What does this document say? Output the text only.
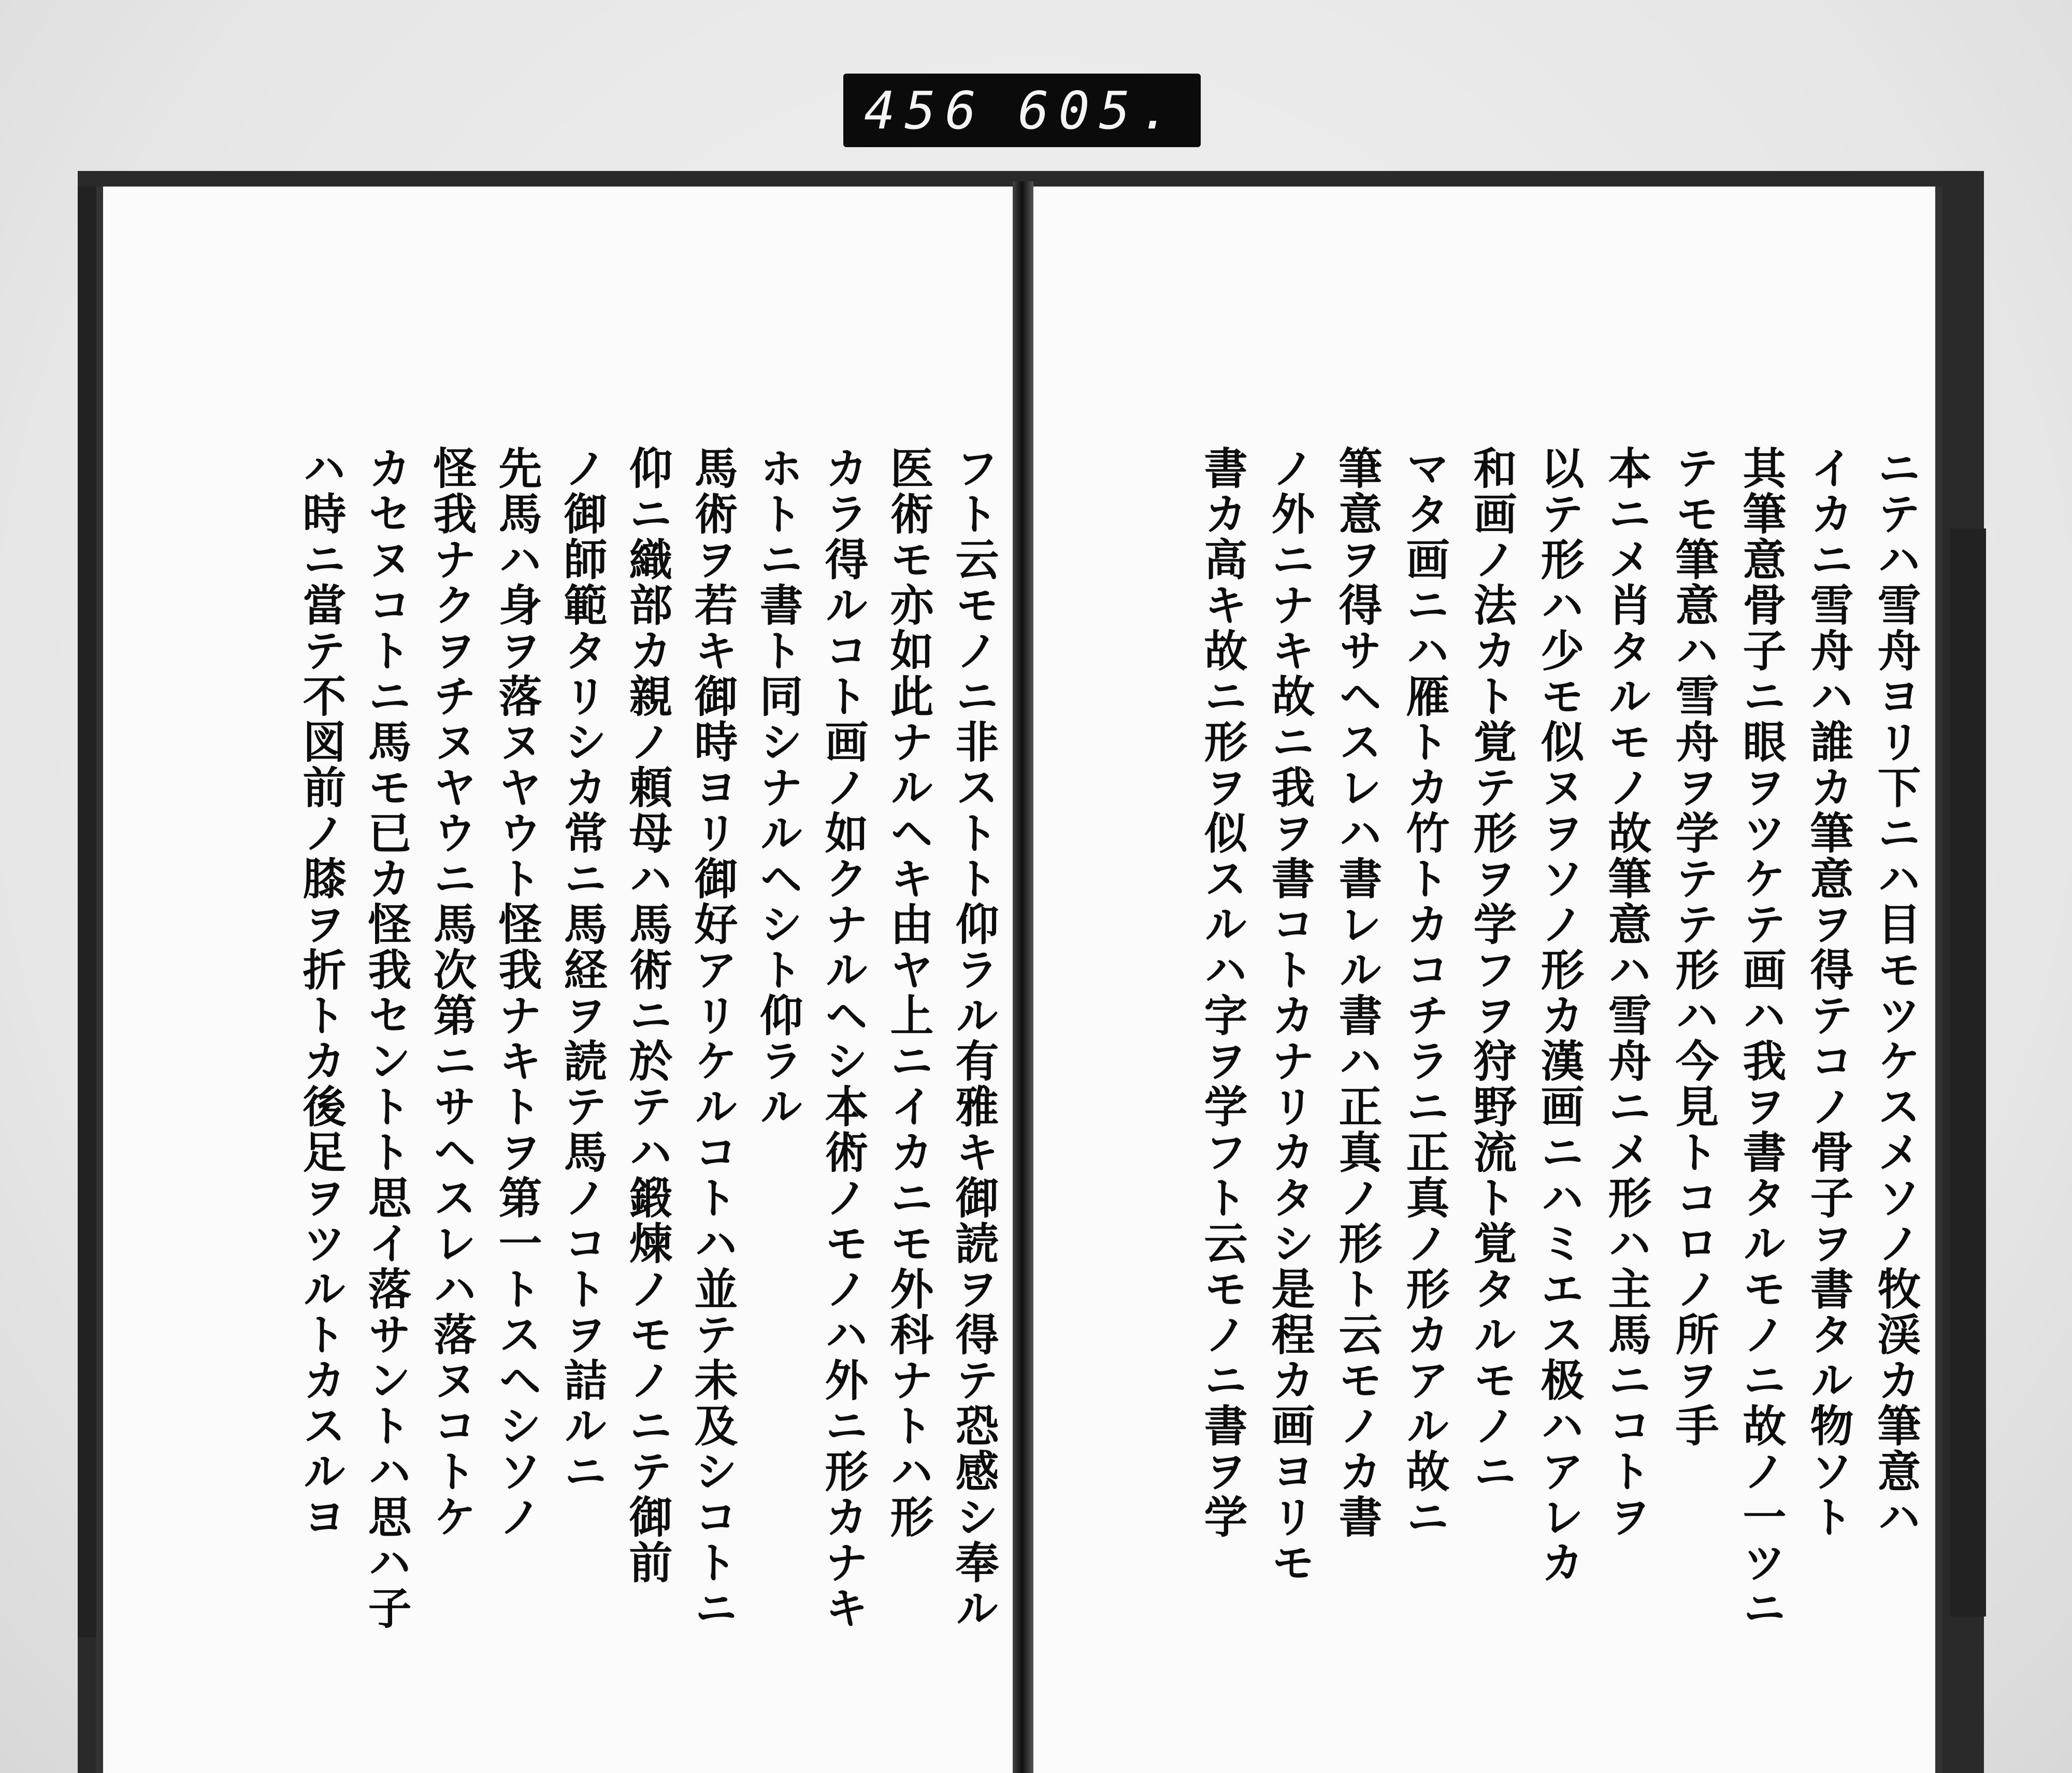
456 605.
ニテハ雪舟ヨリ下ニハ目モツケスメソノ牧渓カ筆意ハ
イカニ雪舟ハ誰カ筆意ヲ得テコノ骨子ヲ書タル物ソト
其筆意骨子ニ眼ヲツケテ画ハ我ヲ書タルモノニ故ノ一ツニ
テモ筆意ハ雪舟ヲ学テテ形ハ今見トコロノ所ヲ手
本ニメ肖タルモノ故筆意ハ雪舟ニメ形ハ主馬ニコトヲ
以テ形ハ少モ似ヌヲソノ形カ漢画ニハミエス极ハアレカ
和画ノ法カト覚テ形ヲ学フヲ狩野流ト覚タルモノニ
マタ画ニハ雁トカ竹トカコチラニ正真ノ形カアル故ニ
筆意ヲ得サヘスレハ書レル書ハ正真ノ形ト云モノカ書
ノ外ニナキ故ニ我ヲ書コトカナリカタシ是程カ画ヨリモ
書カ高キ故ニ形ヲ似スルハ字ヲ学フト云モノニ書ヲ学
フト云モノニ非ストト仰ラル有雅キ御読ヲ得テ恐感シ奉ル
医術モ亦如此ナルヘキ由ヤ上ニイカニモ外科ナトハ形
カラ得ルコト画ノ如クナルヘシ本術ノモノハ外ニ形カナキ
ホトニ書ト同シナルヘシト仰ラル
馬術ヲ若キ御時ヨリ御好アリケルコトハ並テ未及シコトニ
仰ニ織部カ親ノ頼母ハ馬術ニ於テハ鍛煉ノモノニテ御前
ノ御師範タリシカ常ニ馬経ヲ読テ馬ノコトヲ詰ルニ
先馬ハ身ヲ落ヌヤウト怪我ナキトヲ第一トスヘシソノ
怪我ナクヲチヌヤウニ馬次第ニサヘスレハ落ヌコトケ
カセヌコトニ馬モ已カ怪我セントト思イ落サントハ思ハ子
ハ時ニ當テ不図前ノ膝ヲ折トカ後足ヲツルトカスルヨ
